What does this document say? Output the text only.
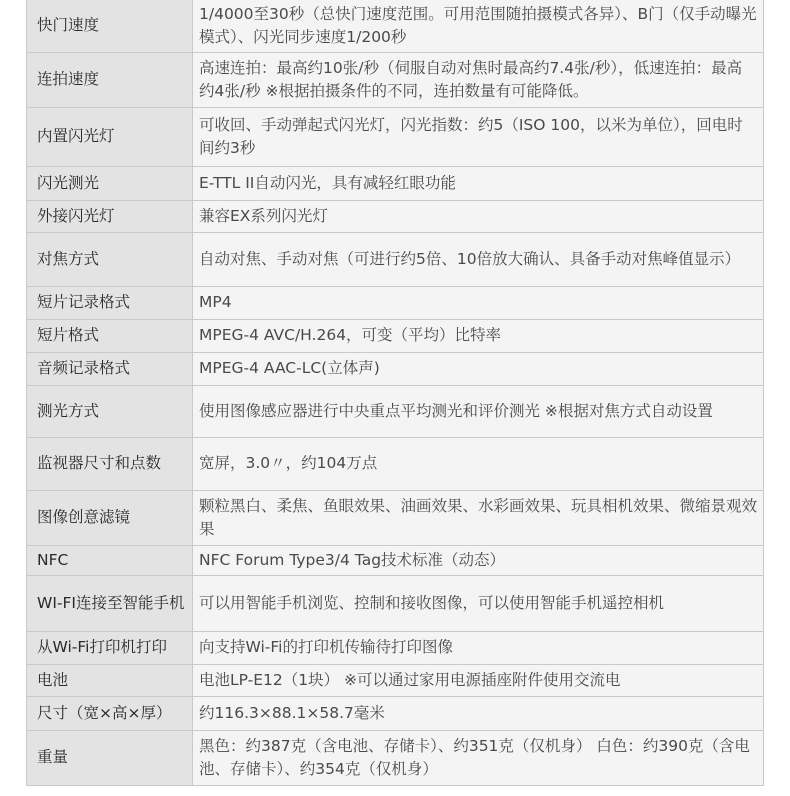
快门速度	1/4000至30秒（总快门速度范围。可用范围随拍摄模式各异）、B门（仅手动曝光模式）、闪光同步速度1/200秒
连拍速度	高速连拍：最高约10张/秒（伺服自动对焦时最高约7.4张/秒），低速连拍：最高约4张/秒 ※根据拍摄条件的不同，连拍数量有可能降低。
内置闪光灯	可收回、手动弹起式闪光灯，闪光指数：约5（ISO 100，以米为单位），回电时间约3秒
闪光测光	E-TTL II自动闪光，具有减轻红眼功能
外接闪光灯	兼容EX系列闪光灯
对焦方式	自动对焦、手动对焦（可进行约5倍、10倍放大确认、具备手动对焦峰值显示）
短片记录格式	MP4
短片格式	MPEG-4 AVC/H.264，可变（平均）比特率
音频记录格式	MPEG-4 AAC-LC(立体声)
测光方式	使用图像感应器进行中央重点平均测光和评价测光 ※根据对焦方式自动设置
监视器尺寸和点数	宽屏，3.0〃，约104万点
图像创意滤镜	颗粒黑白、柔焦、鱼眼效果、油画效果、水彩画效果、玩具相机效果、微缩景观效果
NFC	NFC Forum Type3/4 Tag技术标准（动态）
WI-FI连接至智能手机	可以用智能手机浏览、控制和接收图像，可以使用智能手机遥控相机
从Wi-Fi打印机打印	向支持Wi-Fi的打印机传输待打印图像
电池	电池LP-E12（1块） ※可以通过家用电源插座附件使用交流电
尺寸（宽×高×厚）	约116.3×88.1×58.7毫米
重量	黑色：约387克（含电池、存储卡）、约351克（仅机身） 白色：约390克（含电池、存储卡）、约354克（仅机身）
